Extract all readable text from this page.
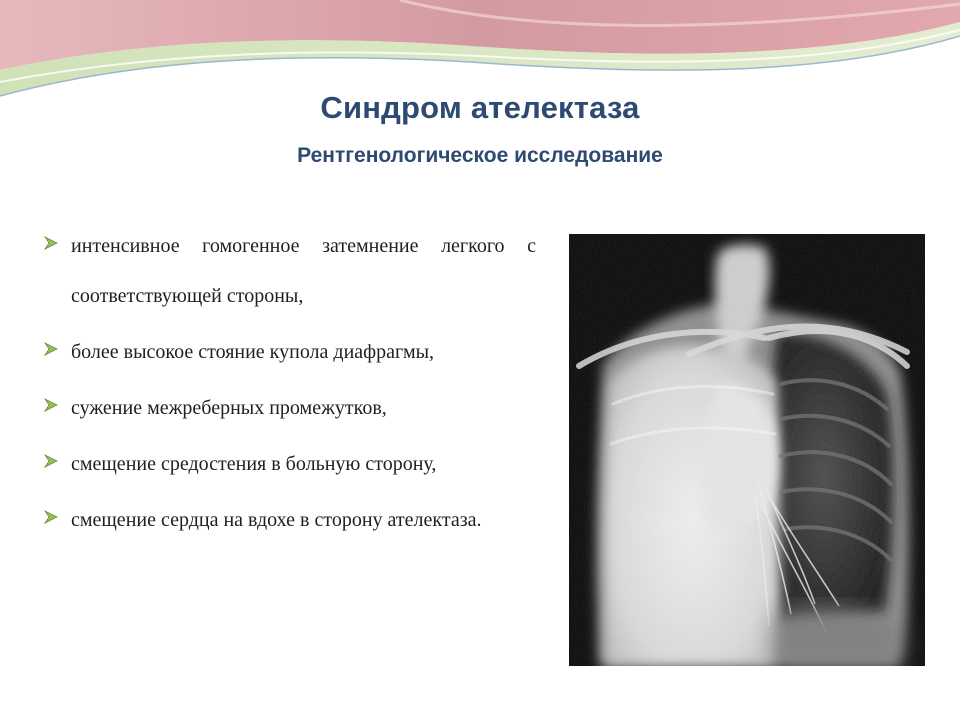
Синдром ателектаза
Рентгенологическое исследование
интенсивное гомогенное затемнение легкого с соответствующей стороны,
более высокое стояние купола диафрагмы,
сужение межреберных промежутков,
смещение средостения в больную сторону,
смещение сердца на вдохе в сторону ателектаза.
